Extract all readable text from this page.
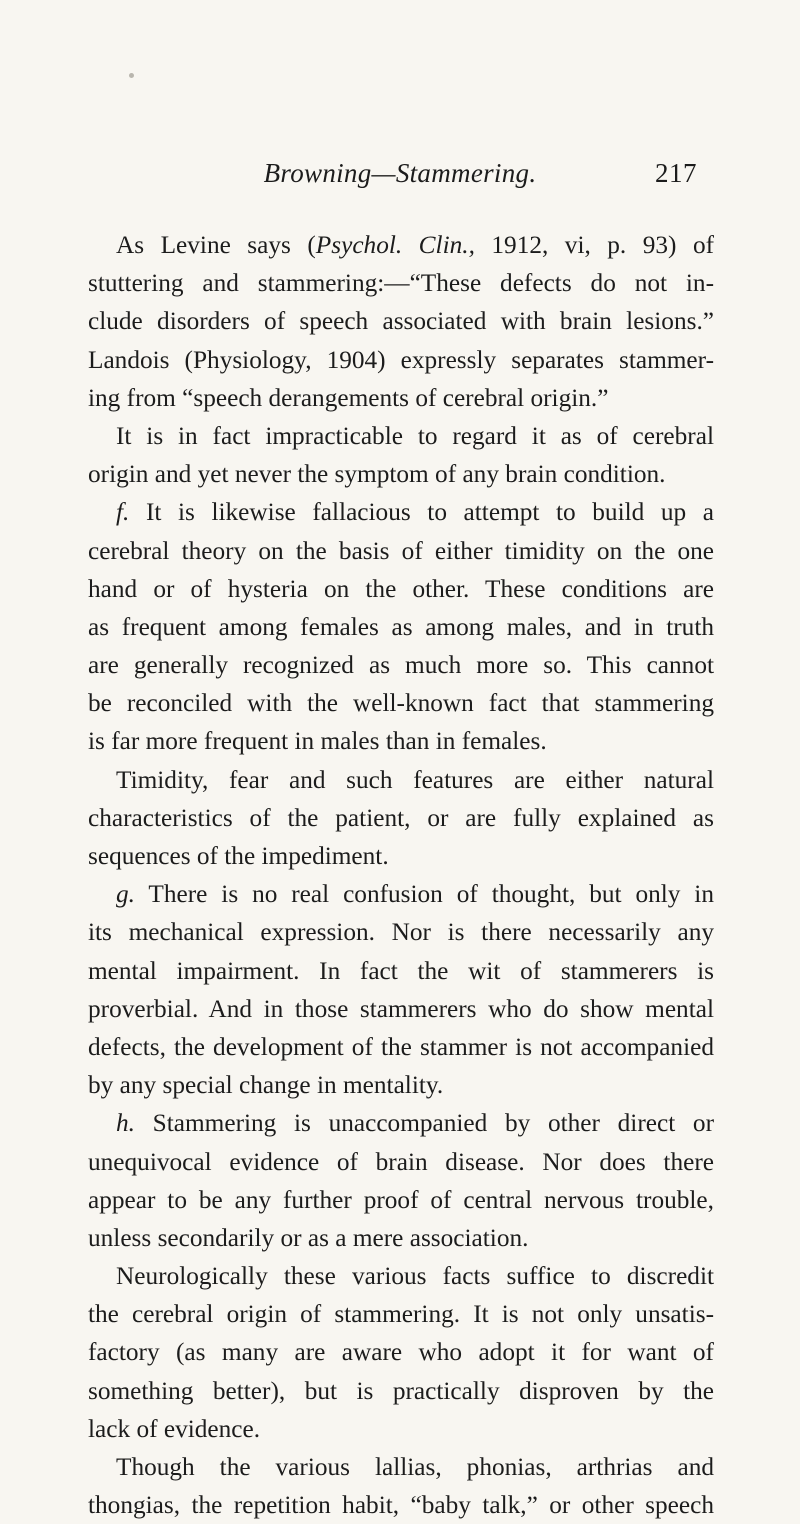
Browning—Stammering.	217
As Levine says (Psychol. Clin., 1912, vi, p. 93) of
stuttering and stammering:—“These defects do not in-
clude disorders of speech associated with brain lesions.”
Landois (Physiology, 1904) expressly separates stammer-
ing from “speech derangements of cerebral origin.”
It is in fact impracticable to regard it as of cerebral
origin and yet never the symptom of any brain condition.
f. It is likewise fallacious to attempt to build up a
cerebral theory on the basis of either timidity on the one
hand or of hysteria on the other. These conditions are
as frequent among females as among males, and in truth
are generally recognized as much more so. This cannot
be reconciled with the well-known fact that stammering
is far more frequent in males than in females.
Timidity, fear and such features are either natural
characteristics of the patient, or are fully explained as
sequences of the impediment.
g. There is no real confusion of thought, but only in
its mechanical expression. Nor is there necessarily any
mental impairment. In fact the wit of stammerers is
proverbial. And in those stammerers who do show mental
defects, the development of the stammer is not accompanied
by any special change in mentality.
h. Stammering is unaccompanied by other direct or
unequivocal evidence of brain disease. Nor does there
appear to be any further proof of central nervous trouble,
unless secondarily or as a mere association.
Neurologically these various facts suffice to discredit
the cerebral origin of stammering. It is not only unsatis-
factory (as many are aware who adopt it for want of
something better), but is practically disproven by the
lack of evidence.
Though the various lallias, phonias, arthrias and
thongias, the repetition habit, “baby talk,” or other speech
